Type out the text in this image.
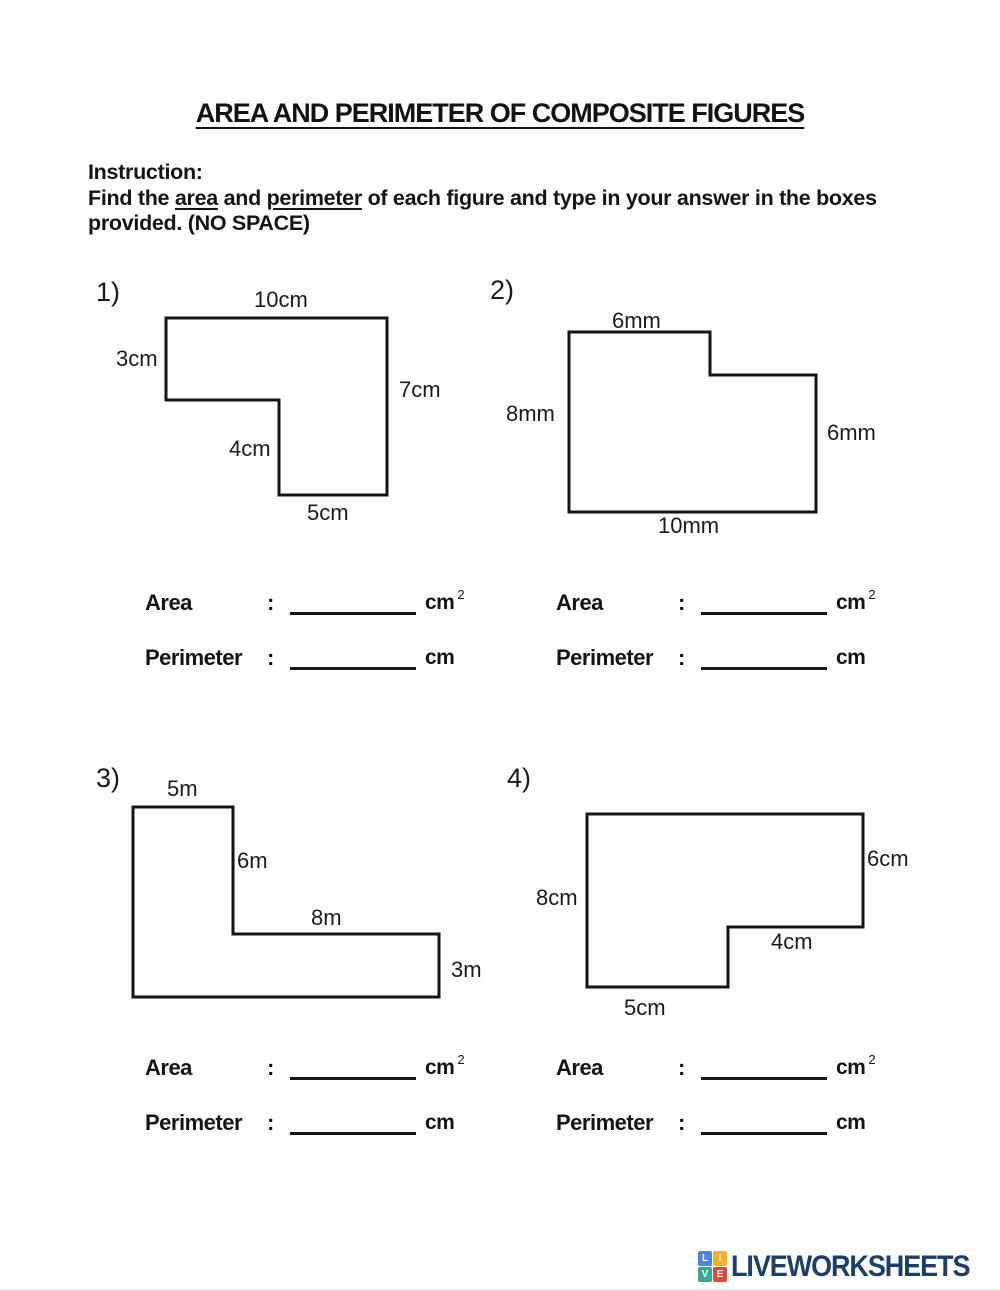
AREA AND PERIMETER OF COMPOSITE FIGURES
Instruction:
Find the area and perimeter of each figure and type in your answer in the boxes provided. (NO SPACE)
1)	10cm
3cm
7cm
4cm
5cm
2)
6mm
8mm
6mm
10mm
Area	:	cm $^2$
Perimeter	:	cm
Area	:	cm $^2$
Perimeter	:	cm
3) 5m
6m
8m
3m
4)
6cm
8cm
4cm
5cm
Area	:	cm $^2$
Perimeter	:	cm
Area	:	cm $^2$
Perimeter	:	cm
L	I
V E LIVEWORKSHEETS
